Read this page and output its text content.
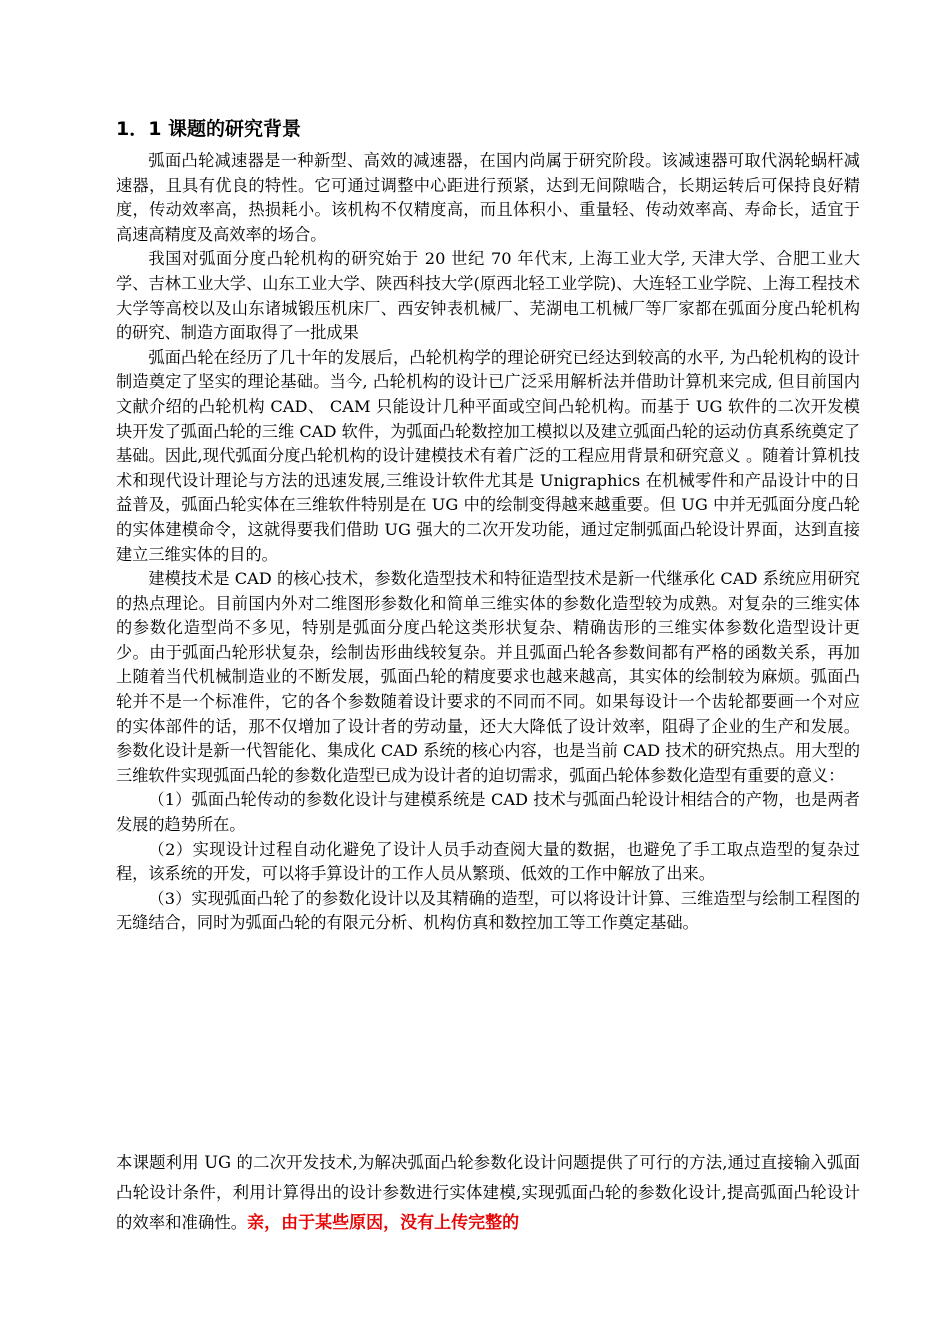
1．1 课题的研究背景

弧面凸轮减速器是一种新型、高效的减速器，在国内尚属于研究阶段。该减速器可取代涡轮蜗杆减速器，且具有优良的特性。它可通过调整中心距进行预紧，达到无间隙啮合，长期运转后可保持良好精度，传动效率高，热损耗小。该机构不仅精度高，而且体积小、重量轻、传动效率高、寿命长，适宜于高速高精度及高效率的场合。

我国对弧面分度凸轮机构的研究始于 20 世纪 70 年代末, 上海工业大学, 天津大学、合肥工业大学、吉林工业大学、山东工业大学、陕西科技大学(原西北轻工业学院)、大连轻工业学院、上海工程技术大学等高校以及山东诸城锻压机床厂、西安钟表机械厂、芜湖电工机械厂等厂家都在弧面分度凸轮机构的研究、制造方面取得了一批成果

弧面凸轮在经历了几十年的发展后，凸轮机构学的理论研究已经达到较高的水平, 为凸轮机构的设计制造奠定了坚实的理论基础。当今, 凸轮机构的设计已广泛采用解析法并借助计算机来完成, 但目前国内文献介绍的凸轮机构 CAD、 CAM 只能设计几种平面或空间凸轮机构。而基于 UG 软件的二次开发模块开发了弧面凸轮的三维 CAD 软件，为弧面凸轮数控加工模拟以及建立弧面凸轮的运动仿真系统奠定了基础。因此,现代弧面分度凸轮机构的设计建模技术有着广泛的工程应用背景和研究意义 。随着计算机技术和现代设计理论与方法的迅速发展,三维设计软件尤其是 Unigraphics 在机械零件和产品设计中的日益普及，弧面凸轮实体在三维软件特别是在 UG 中的绘制变得越来越重要。但 UG 中并无弧面分度凸轮的实体建模命令，这就得要我们借助 UG 强大的二次开发功能，通过定制弧面凸轮设计界面，达到直接建立三维实体的目的。

建模技术是 CAD 的核心技术，参数化造型技术和特征造型技术是新一代继承化 CAD 系统应用研究的热点理论。目前国内外对二维图形参数化和简单三维实体的参数化造型较为成熟。对复杂的三维实体的参数化造型尚不多见，特别是弧面分度凸轮这类形状复杂、精确齿形的三维实体参数化造型设计更少。由于弧面凸轮形状复杂，绘制齿形曲线较复杂。并且弧面凸轮各参数间都有严格的函数关系，再加上随着当代机械制造业的不断发展，弧面凸轮的精度要求也越来越高，其实体的绘制较为麻烦。弧面凸轮并不是一个标准件，它的各个参数随着设计要求的不同而不同。如果每设计一个齿轮都要画一个对应的实体部件的话，那不仅增加了设计者的劳动量，还大大降低了设计效率，阻碍了企业的生产和发展。参数化设计是新一代智能化、集成化 CAD 系统的核心内容，也是当前 CAD 技术的研究热点。用大型的三维软件实现弧面凸轮的参数化造型已成为设计者的迫切需求，弧面凸轮体参数化造型有重要的意义：

（1）弧面凸轮传动的参数化设计与建模系统是 CAD 技术与弧面凸轮设计相结合的产物，也是两者发展的趋势所在。

（2）实现设计过程自动化避免了设计人员手动查阅大量的数据，也避免了手工取点造型的复杂过程，该系统的开发，可以将手算设计的工作人员从繁琐、低效的工作中解放了出来。

（3）实现弧面凸轮了的参数化设计以及其精确的造型，可以将设计计算、三维造型与绘制工程图的无缝结合，同时为弧面凸轮的有限元分析、机构仿真和数控加工等工作奠定基础。

本课题利用 UG 的二次开发技术,为解决弧面凸轮参数化设计问题提供了可行的方法,通过直接输入弧面凸轮设计条件，利用计算得出的设计参数进行实体建模,实现弧面凸轮的参数化设计,提高弧面凸轮设计的效率和准确性。亲，由于某些原因，没有上传完整的
